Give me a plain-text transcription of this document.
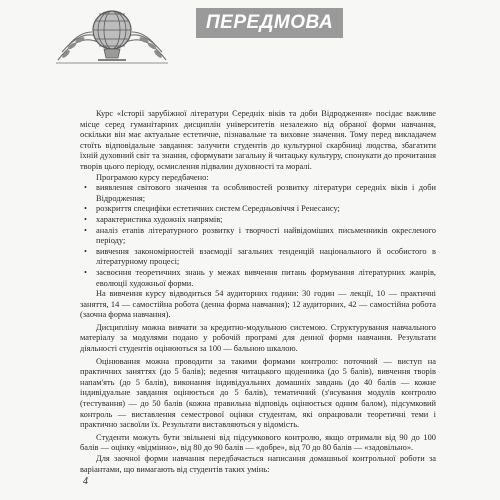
ПЕРЕДМОВА

Курс «Історії зарубіжної літератури Середніх віків та доби Відродження» посідає важливе місце серед гуманітарних дисциплін університетів незалежно від обраної форми навчання, оскільки він має актуальне естетичне, пізнавальне та виховне значення. Тому перед викладачем стоїть відповідальне завдання: залучити студентів до культурної скарбниці людства, збагатити їхній духовний світ та знання, сформувати загальну й читацьку культуру, спонукати до прочитання творів цього періоду, осмислення підвалин духовності та моралі.

Програмою курсу передбачено:

• виявлення світового значення та особливостей розвитку літератури середніх віків і доби Відродження;
• розкриття специфіки естетичних систем Середньовіччя і Ренесансу;
• характеристика художніх напрямів;
• аналіз етапів літературного розвитку і творчості найвідоміших письменників окресленого періоду;
• вивчення закономірностей взаємодії загальних тенденцій національного й особистого в літературному процесі;
• засвоєння теоретичних знань у межах вивчення питань формування літературних жанрів, еволюції художньої форми.

На вивчення курсу відводиться 54 аудиторних години: 30 годин — лекції, 10 — практичні заняття, 14 — самостійна робота (денна форма навчання); 12 аудиторних, 42 — самостійна робота (заочна форма навчання).

Дисципліну можна вивчати за кредитно-модульною системою. Структурування навчального матеріалу за модулями подано у робочій програмі для денної форми навчання. Результати діяльності студентів оцінюються за 100 — бальною шкалою.

Оцінювання можна проводити за такими формами контролю: поточний — виступ на практичних заняттях (до 5 балів); ведення читацького щоденника (до 5 балів), вивчення творів напам'ять (до 5 балів), виконання індивідуальних домашніх завдань (до 40 балів — кожне індивідуальне завдання оцінюється до 5 балів), тематичний (з'ясування модулів контролю (тестування) — до 50 балів (кожна правильна відповідь оцінюється одним балом), підсумковий контроль — виставлення семестрової оцінки студентам, які опрацювали теоретичні теми і практично засвоїли їх. Результати виставляються у відомість.

Студенти можуть бути звільнені від підсумкового контролю, якщо отримали від 90 до 100 балів — оцінку «відмінно», від 80 до 90 балів — «добре», від 70 до 80 балів — «задовільно».

Для заочної форми навчання передбачається написання домашньої контрольної роботи за варіантами, що вимагають від студентів таких умінь:

4
